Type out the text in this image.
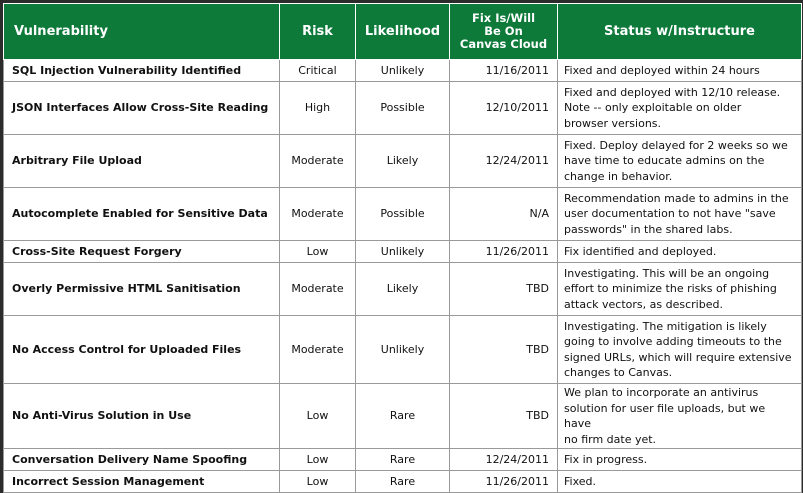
Vulnerability	Risk	Likelihood	Fix Is/Will
Be On
Canvas Cloud	Status w/Instructure
SQL Injection Vulnerability Identified	Critical	Unlikely	11/16/2011	Fixed and deployed within 24 hours

JSON Interfaces Allow Cross-Site Reading	High	Possible	12/10/2011	Fixed and deployed with 12/10 release.
Note -- only exploitable on older
browser versions.

Arbitrary File Upload	Moderate	Likely	12/24/2011	Fixed. Deploy delayed for 2 weeks so we
have time to educate admins on the
change in behavior.

Autocomplete Enabled for Sensitive Data	Moderate	Possible	N/A	Recommendation made to admins in the
user documentation to not have "save
passwords" in the shared labs.

Cross-Site Request Forgery	Low	Unlikely	11/26/2011	Fix identified and deployed.

Overly Permissive HTML Sanitisation	Moderate	Likely	TBD	Investigating. This will be an ongoing
effort to minimize the risks of phishing
attack vectors, as described.

No Access Control for Uploaded Files	Moderate	Unlikely	TBD	Investigating. The mitigation is likely
going to involve adding timeouts to the
signed URLs, which will require extensive
changes to Canvas.

No Anti-Virus Solution in Use	Low	Rare	TBD	We plan to incorporate an antivirus
solution for user file uploads, but we have
no firm date yet.

Conversation Delivery Name Spoofing	Low	Rare	12/24/2011	Fix in progress.

Incorrect Session Management	Low	Rare	11/26/2011	Fixed.
